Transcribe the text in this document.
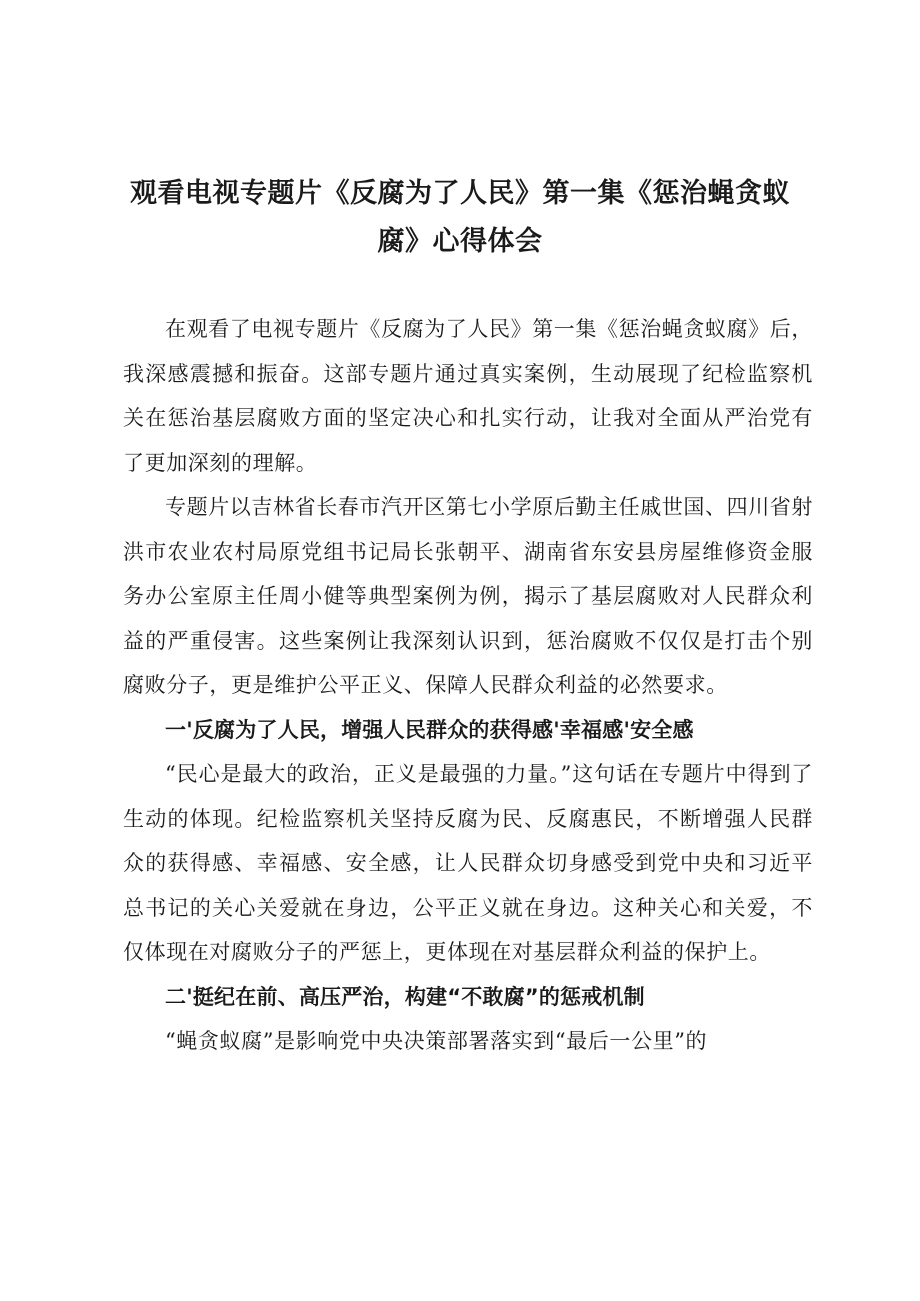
观看电视专题片《反腐为了人民》第一集《惩治蝇贪蚁
腐》心得体会

在观看了电视专题片《反腐为了人民》第一集《惩治蝇贪蚁腐》后，我深感震撼和振奋。这部专题片通过真实案例，生动展现了纪检监察机关在惩治基层腐败方面的坚定决心和扎实行动，让我对全面从严治党有了更加深刻的理解。

专题片以吉林省长春市汽开区第七小学原后勤主任戚世国、四川省射洪市农业农村局原党组书记局长张朝平、湖南省东安县房屋维修资金服务办公室原主任周小健等典型案例为例，揭示了基层腐败对人民群众利益的严重侵害。这些案例让我深刻认识到，惩治腐败不仅仅是打击个别腐败分子，更是维护公平正义、保障人民群众利益的必然要求。

一'反腐为了人民，增强人民群众的获得感'幸福感'安全感

“民心是最大的政治，正义是最强的力量。”这句话在专题片中得到了生动的体现。纪检监察机关坚持反腐为民、反腐惠民，不断增强人民群众的获得感、幸福感、安全感，让人民群众切身感受到党中央和习近平总书记的关心关爱就在身边，公平正义就在身边。这种关心和关爱，不仅体现在对腐败分子的严惩上，更体现在对基层群众利益的保护上。

二'挺纪在前、高压严治，构建“不敢腐”的惩戒机制

“蝇贪蚁腐”是影响党中央决策部署落实到“最后一公里”的
